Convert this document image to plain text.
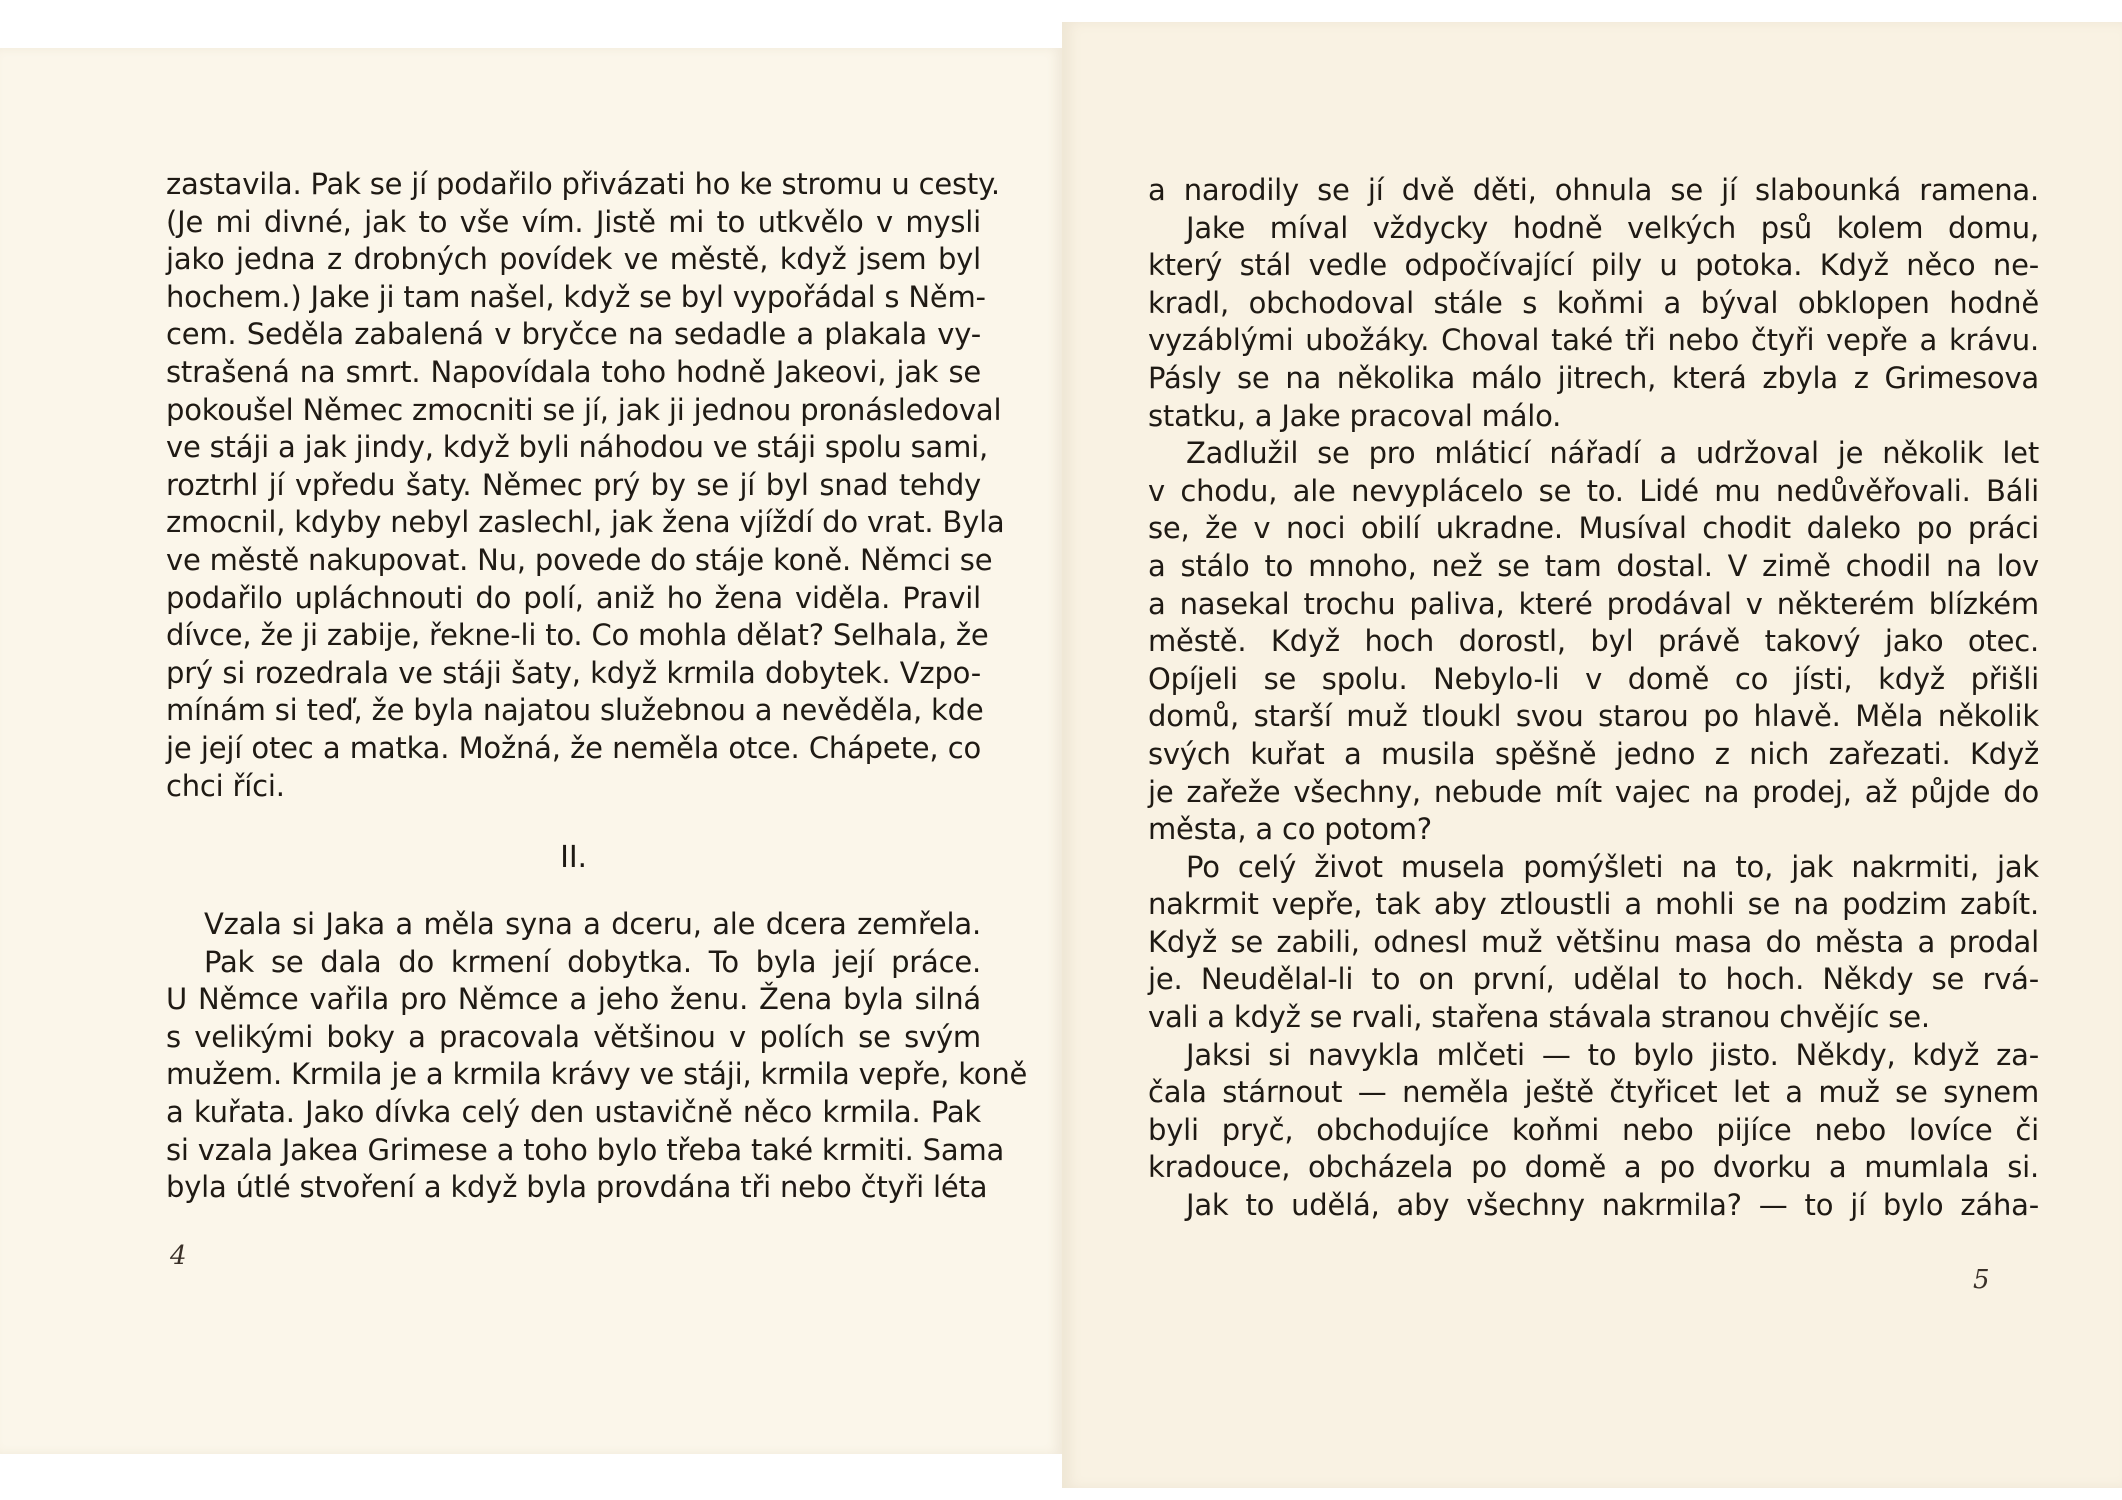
zastavila. Pak se jí podařilo přivázati ho ke stromu u cesty.
(Je mi divné, jak to vše vím. Jistě mi to utkvělo v mysli
jako jedna z drobných povídek ve městě, když jsem byl
hochem.) Jake ji tam našel, když se byl vypořádal s Něm-
cem. Seděla zabalená v bryčce na sedadle a plakala vy-
strašená na smrt. Napovídala toho hodně Jakeovi, jak se
pokoušel Němec zmocniti se jí, jak ji jednou pronásledoval
ve stáji a jak jindy, když byli náhodou ve stáji spolu sami,
roztrhl jí vpředu šaty. Němec prý by se jí byl snad tehdy
zmocnil, kdyby nebyl zaslechl, jak žena vjíždí do vrat. Byla
ve městě nakupovat. Nu, povede do stáje koně. Němci se
podařilo upláchnouti do polí, aniž ho žena viděla. Pravil
dívce, že ji zabije, řekne-li to. Co mohla dělat? Selhala, že
prý si rozedrala ve stáji šaty, když krmila dobytek. Vzpo-
mínám si teď, že byla najatou služebnou a nevěděla, kde
je její otec a matka. Možná, že neměla otce. Chápete, co
chci říci.
II.
Vzala si Jaka a měla syna a dceru, ale dcera zemřela.
Pak se dala do krmení dobytka. To byla její práce.
U Němce vařila pro Němce a jeho ženu. Žena byla silná
s velikými boky a pracovala většinou v polích se svým
mužem. Krmila je a krmila krávy ve stáji, krmila vepře, koně
a kuřata. Jako dívka celý den ustavičně něco krmila. Pak
si vzala Jakea Grimese a toho bylo třeba také krmiti. Sama
byla útlé stvoření a když byla provdána tři nebo čtyři léta
4
a narodily se jí dvě děti, ohnula se jí slabounká ramena.
Jake míval vždycky hodně velkých psů kolem domu,
který stál vedle odpočívající pily u potoka. Když něco ne-
kradl, obchodoval stále s koňmi a býval obklopen hodně
vyzáblými ubožáky. Choval také tři nebo čtyři vepře a krávu.
Pásly se na několika málo jitrech, která zbyla z Grimesova
statku, a Jake pracoval málo.
Zadlužil se pro mláticí nářadí a udržoval je několik let
v chodu, ale nevyplácelo se to. Lidé mu nedůvěřovali. Báli
se, že v noci obilí ukradne. Musíval chodit daleko po práci
a stálo to mnoho, než se tam dostal. V zimě chodil na lov
a nasekal trochu paliva, které prodával v některém blízkém
městě. Když hoch dorostl, byl právě takový jako otec.
Opíjeli se spolu. Nebylo-li v domě co jísti, když přišli
domů, starší muž tloukl svou starou po hlavě. Měla několik
svých kuřat a musila spěšně jedno z nich zařezati. Když
je zařeže všechny, nebude mít vajec na prodej, až půjde do
města, a co potom?
Po celý život musela pomýšleti na to, jak nakrmiti, jak
nakrmit vepře, tak aby ztloustli a mohli se na podzim zabít.
Když se zabili, odnesl muž většinu masa do města a prodal
je. Neudělal-li to on první, udělal to hoch. Někdy se rvá-
vali a když se rvali, stařena stávala stranou chvějíc se.
Jaksi si navykla mlčeti — to bylo jisto. Někdy, když za-
čala stárnout — neměla ještě čtyřicet let a muž se synem
byli pryč, obchodujíce koňmi nebo pijíce nebo lovíce či
kradouce, obcházela po domě a po dvorku a mumlala si.
Jak to udělá, aby všechny nakrmila? — to jí bylo záha-
5
